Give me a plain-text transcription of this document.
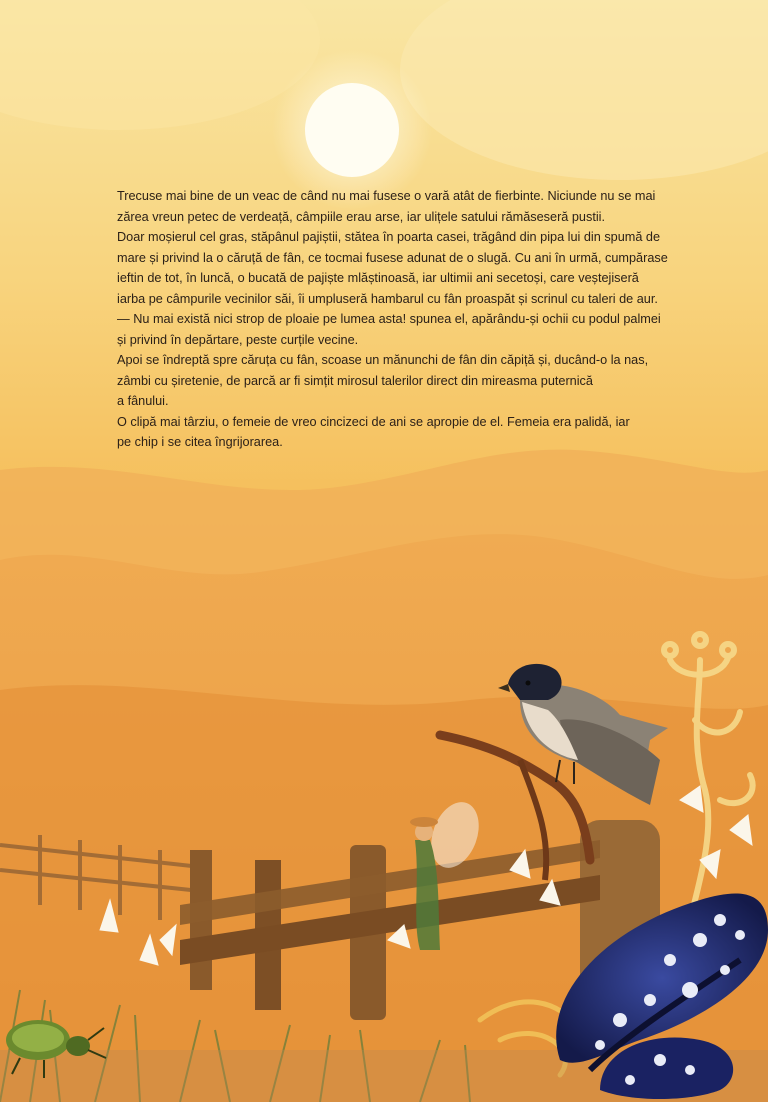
Trecuse mai bine de un veac de când nu mai fusese o vară atât de fierbinte. Niciunde nu se mai
zărea vreun petec de verdeață, câmpiile erau arse, iar ulițele satului rămăseseră pustii.

Doar moșierul cel gras, stăpânul pajiștii, stătea în poarta casei, trăgând din pipa lui din spumă de
mare și privind la o căruță de fân, ce tocmai fusese adunat de o slugă. Cu ani în urmă, cumpărase
ieftin de tot, în luncă, o bucată de pajiște mlăștinoasă, iar ultimii ani secetoși, care veștejiseră
iarba pe câmpurile vecinilor săi, îi umpluseră hambarul cu fân proaspăt și scrinul cu taleri de aur.

— Nu mai există nici strop de ploaie pe lumea asta! spunea el, apărându-și ochii cu podul palmei
și privind în depărtare, peste curțile vecine.

Apoi se îndreptă spre căruța cu fân, scoase un mănunchi de fân din căpiță și, ducând-o la nas,
zâmbi cu șiretenie, de parcă ar fi simțit mirosul talerilor direct din mireasma puternică
a fânului.

O clipă mai târziu, o femeie de vreo cincizeci de ani se apropie de el. Femeia era palidă, iar
pe chip i se citea îngrijorarea.
